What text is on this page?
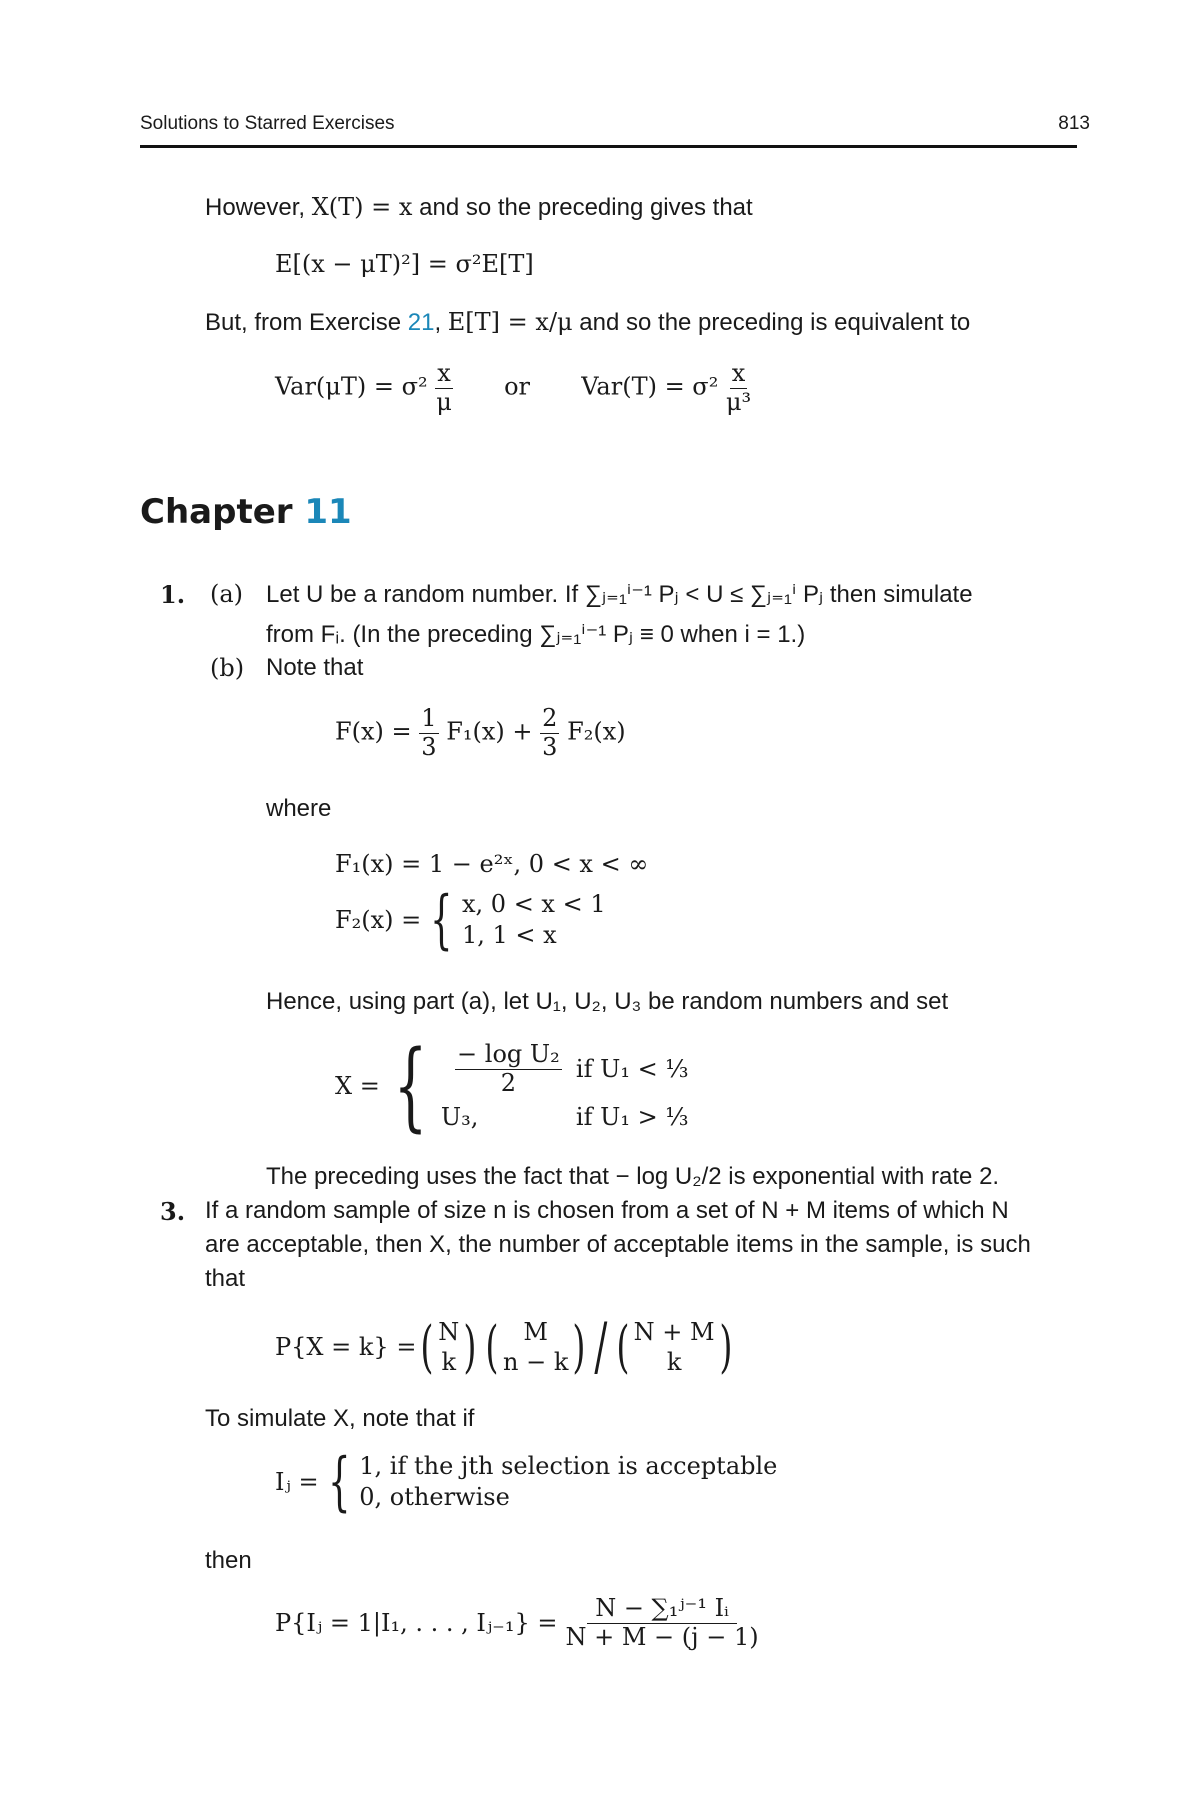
Solutions to Starred Exercises	813
However, X(T) = x and so the preceding gives that
E[(x − μT)²] = σ²E[T]
But, from Exercise 21, E[T] = x/μ and so the preceding is equivalent to
$Var(\mu T) = \sigma^2 \frac{x}{\mu}$ or $Var(T) = \sigma^2 \frac{x}{\text{μ³}}$
Chapter 11
1. (a) Let U be a random number. If ∑ⱼ₌₁ⁱ⁻¹ Pⱼ < U ≤ ∑ⱼ₌₁ⁱ Pⱼ then simulate
from Fᵢ. (In the preceding ∑ⱼ₌₁ⁱ⁻¹ Pⱼ ≡ 0 when i = 1.)
(b) Note that
$F(x) = \frac{1}{3} F_1(x) + \frac{2}{3} F_2(x)$
where
F₁(x) = 1 − e²ˣ, 0 < x < ∞
F₂(x) = { x, 0 < x < 1
1, 1 < x
Hence, using part (a), let U₁, U₂, U₃ be random numbers and set
X = { $\frac{\text{− log U₂}}{2}$ if U₁ < ⅓
U₃,	if U₁ > ⅓
The preceding uses the fact that − log U₂/2 is exponential with rate 2.
3. If a random sample of size n is chosen from a set of N + M items of which N
are acceptable, then X, the number of acceptable items in the sample, is such
that
P{X = k} = ( N
k ) ( M
n − k ) / ( N + M
k )
To simulate X, note that if
Iⱼ = { 1, if the jth selection is acceptable
0, otherwise
then
P{Iⱼ = 1|I₁, . . . , Iⱼ₋₁} = $\frac{\text{N − ∑₁ʲ⁻¹ Iᵢ}}{N + M - (j - 1)}$
